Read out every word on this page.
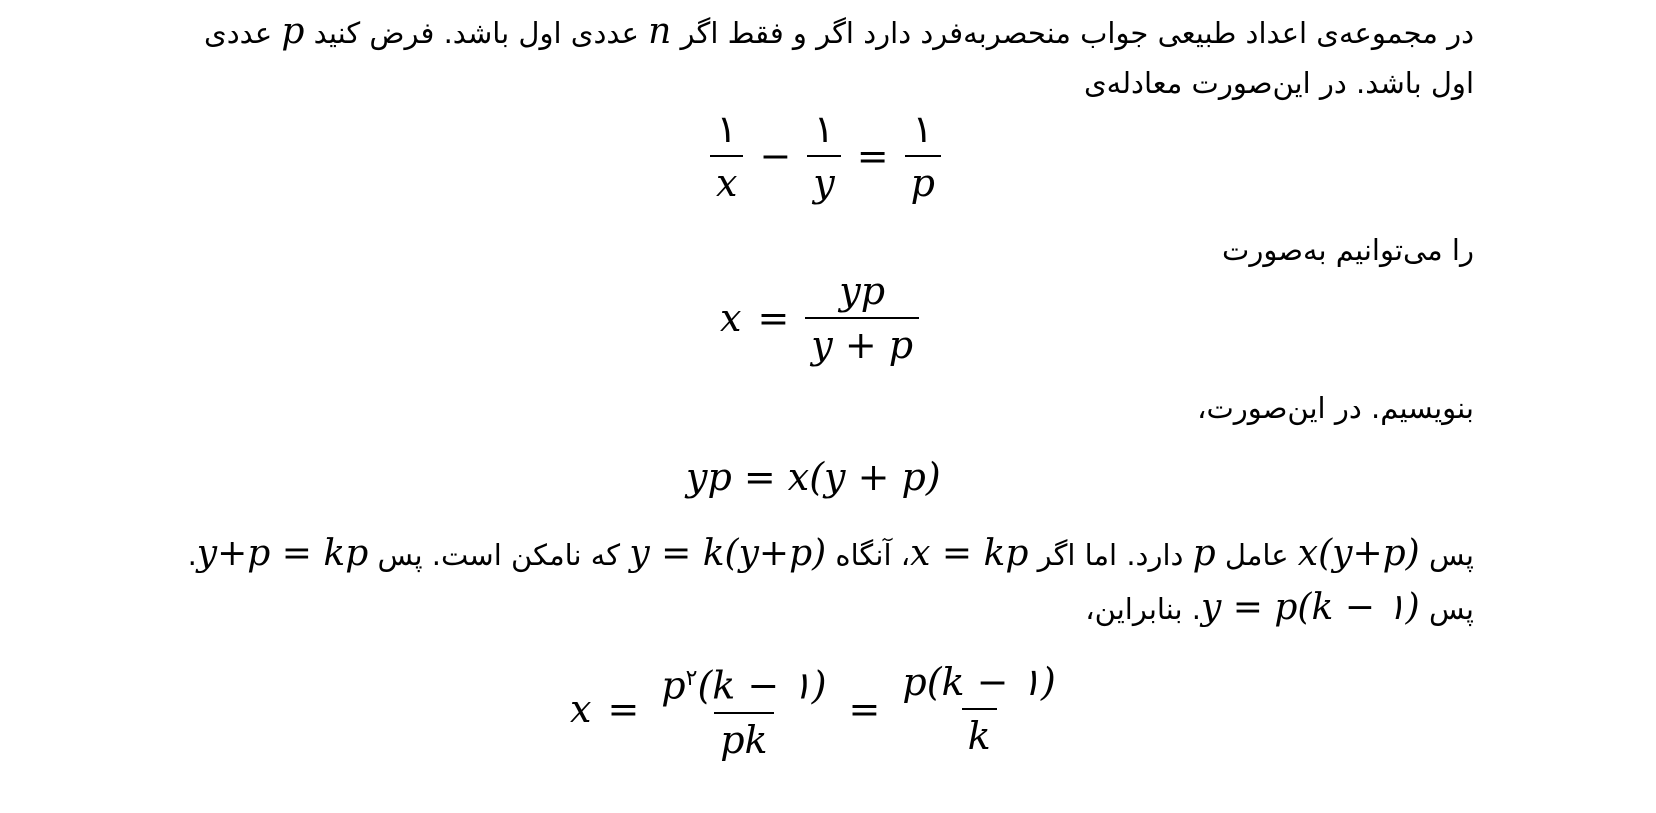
در مجموعه‌ی اعداد طبیعی جواب منحصربه‌فرد دارد اگر و فقط اگر n عددی اول باشد. فرض کنید p عددی
اول باشد. در این‌صورت معادله‌ی
$\frac{۱}{x} - \frac{۱}{y} = \frac{۱}{p}$
را می‌توانیم به‌صورت
$x = \frac{yp}{y + p}$
بنویسیم. در این‌صورت،
yp = x(y + p)
پس x(y+p) عامل p دارد. اما اگر x = kp، آنگاه y = k(y+p) که نامکن است. پس y+p = kp.
پس y = p(k − ۱). بنابراین،
$x = \frac{p^۲(k - ۱)}{pk} = \frac{p(k - ۱)}{k}$
